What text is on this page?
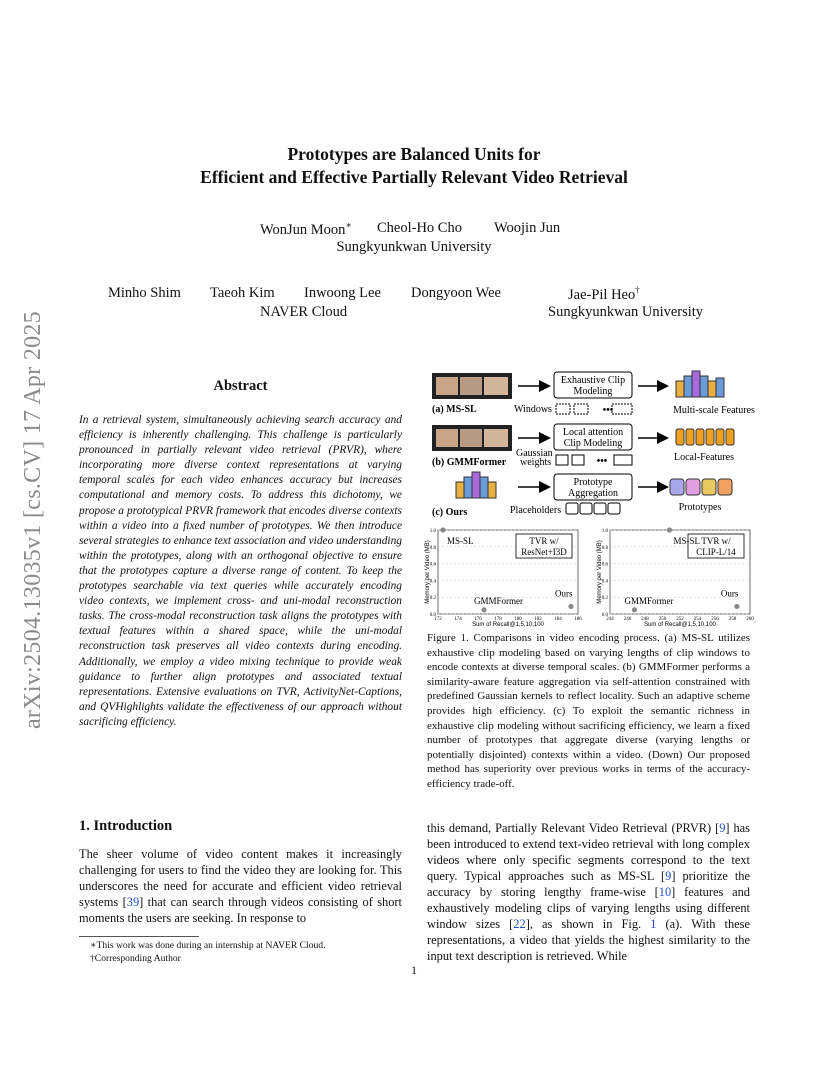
arXiv:2504.13035v1 [cs.CV] 17 Apr 2025
Prototypes are Balanced Units for
Efficient and Effective Partially Relevant Video Retrieval
WonJun Moon∗ Cheol-Ho Cho Woojin Jun
Sungkyunkwan University
Minho Shim Taeoh Kim Inwoong Lee Dongyoon Wee
NAVER Cloud
Jae-Pil Heo†
Sungkyunkwan University
Abstract
In a retrieval system, simultaneously achieving search accuracy and efficiency is inherently challenging. This challenge is particularly pronounced in partially relevant video retrieval (PRVR), where incorporating more diverse context representations at varying temporal scales for each video enhances accuracy but increases computational and memory costs. To address this dichotomy, we propose a prototypical PRVR framework that encodes diverse contexts within a video into a fixed number of prototypes. We then introduce several strategies to enhance text association and video understanding within the prototypes, along with an orthogonal objective to ensure that the prototypes capture a diverse range of content. To keep the prototypes searchable via text queries while accurately encoding video contexts, we implement cross- and uni-modal reconstruction tasks. The cross-modal reconstruction task aligns the prototypes with textual features within a shared space, while the uni-modal reconstruction task preserves all video contexts during encoding. Additionally, we employ a video mixing technique to provide weak guidance to further align prototypes and associated textual representations. Extensive evaluations on TVR, ActivityNet-Captions, and QVHighlights validate the effectiveness of our approach without sacrificing efficiency.
Exhaustive Clip Modeling
(a) MS-SL	Windows	•••	Multi-scale Features
Local attention Clip Modeling
(b) GMMFormer
Gaussian weights	•••	Local-Features
Prototype Aggregation
(c) Ours	Placeholders	Prototypes
0.0
0.2
0.4
0.6
0.8
1.0
172	174	176	178	180	182	184	186
Sum of Recall@1,5,10,100
Memory per Video (MB)	TVR w/
ResNet+I3D
MS-SL
GMMFormer
Ours
0.0
0.2
0.4
0.6
0.8
1.0
244 246 248 250 252 254 256 258 260
Sum of Recall@1,5,10,100
Memory per Video (MB)	TVR w/
CLIP-L/14
MS-SL
GMMFormer
Ours
Figure 1. Comparisons in video encoding process. (a) MS-SL utilizes exhaustive clip modeling based on varying lengths of clip windows to encode contexts at diverse temporal scales. (b) GMMFormer performs a similarity-aware feature aggregation via self-attention constrained with predefined Gaussian kernels to reflect locality. Such an adaptive scheme provides high efficiency. (c) To exploit the semantic richness in exhaustive clip modeling without sacrificing efficiency, we learn a fixed number of prototypes that aggregate diverse (varying lengths or potentially disjointed) contexts within a video. (Down) Our proposed method has superiority over previous works in terms of the accuracy-efficiency trade-off.
1. Introduction
The sheer volume of video content makes it increasingly challenging for users to find the video they are looking for. This underscores the need for accurate and efficient video retrieval systems [39] that can search through videos consisting of short moments the users are seeking. In response to
this demand, Partially Relevant Video Retrieval (PRVR) [9] has been introduced to extend text-video retrieval with long complex videos where only specific segments correspond to the text query. Typical approaches such as MS-SL [9] prioritize the accuracy by storing lengthy frame-wise [10] features and exhaustively modeling clips of varying lengths using different window sizes [22], as shown in Fig. 1 (a). With these representations, a video that yields the highest similarity to the input text description is retrieved. While
∗This work was done during an internship at NAVER Cloud.
†Corresponding Author
1
